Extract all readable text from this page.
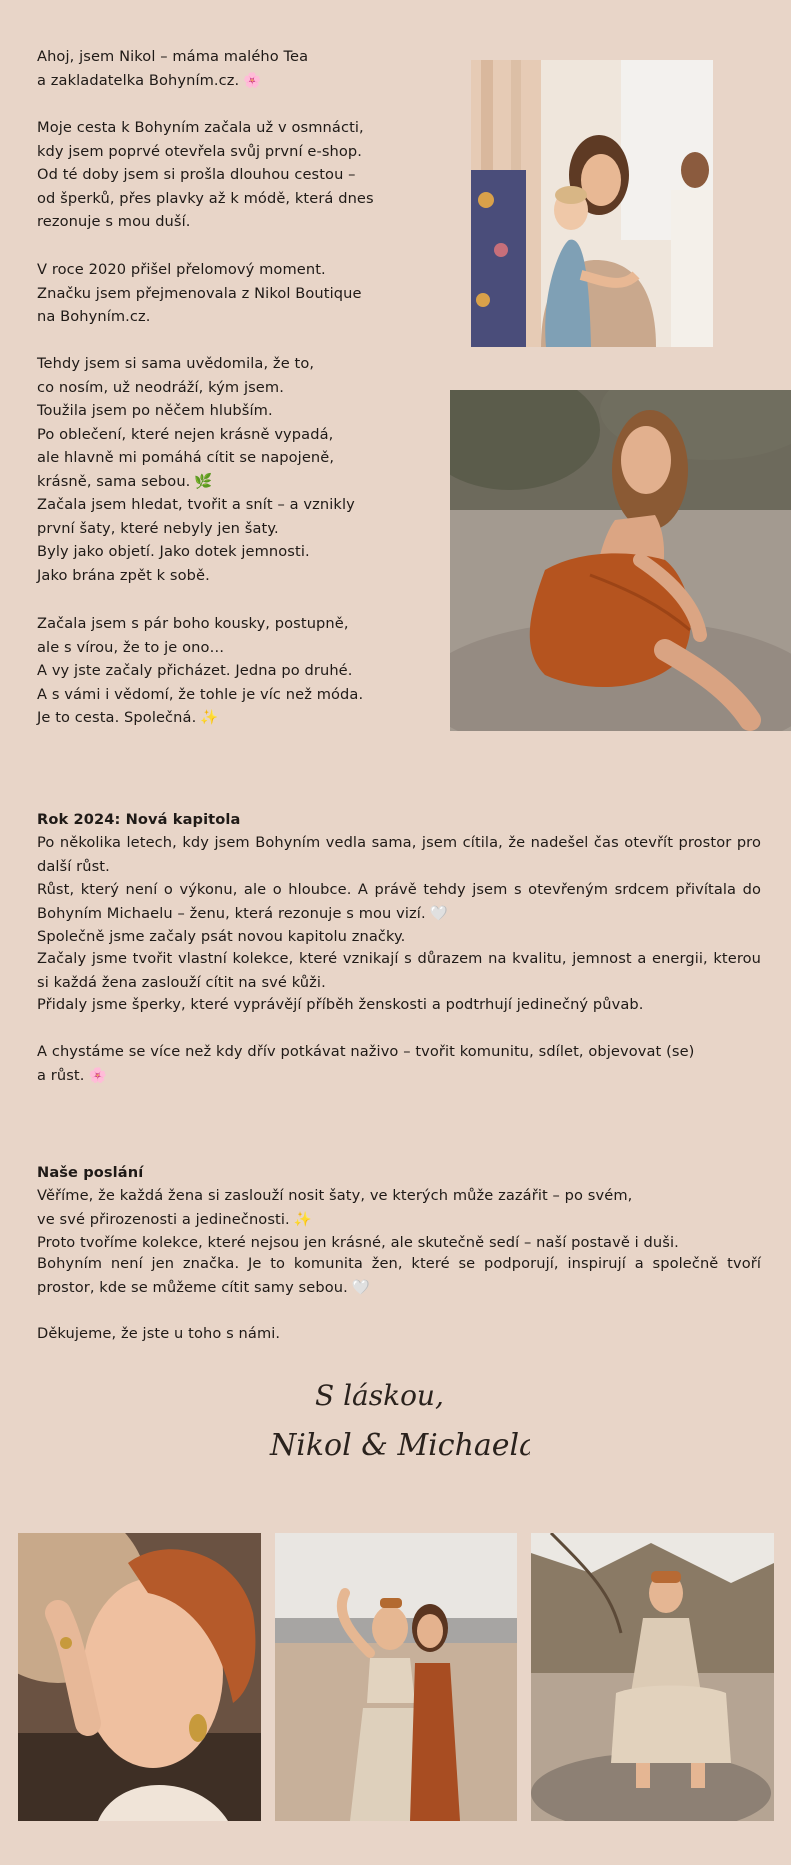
Ahoj, jsem Nikol – máma malého Tea
a zakladatelka Bohyním.cz. 🌸

Moje cesta k Bohyním začala už v osmnácti,
kdy jsem poprvé otevřela svůj první e-shop.
Od té doby jsem si prošla dlouhou cestou –
od šperků, přes plavky až k módě, která dnes
rezonuje s mou duší.

V roce 2020 přišel přelomový moment.
Značku jsem přejmenovala z Nikol Boutique
na Bohyním.cz.

Tehdy jsem si sama uvědomila, že to,
co nosím, už neodráží, kým jsem.
Toužila jsem po něčem hlubším.
Po oblečení, které nejen krásně vypadá,
ale hlavně mi pomáhá cítit se napojeně,
krásně, sama sebou. 🌿

Začala jsem hledat, tvořit a snít – a vznikly
první šaty, které nebyly jen šaty.
Byly jako objetí. Jako dotek jemnosti.
Jako brána zpět k sobě.

Začala jsem s pár boho kousky, postupně,
ale s vírou, že to je ono…
A vy jste začaly přicházet. Jedna po druhé.
A s vámi i vědomí, že tohle je víc než móda.
Je to cesta. Společná. ✨

Rok 2024: Nová kapitola
Po několika letech, kdy jsem Bohyním vedla sama, jsem cítila, že nadešel čas otevřít prostor pro další růst.
Růst, který není o výkonu, ale o hloubce. A právě tehdy jsem s otevřeným srdcem přivítala do Bohyním Michaelu – ženu, která rezonuje s mou vizí. 🤍
Společně jsme začaly psát novou kapitolu značky.

Začaly jsme tvořit vlastní kolekce, které vznikají s důrazem na kvalitu, jemnost a energii, kterou si každá žena zaslouží cítit na své kůži.

Přidaly jsme šperky, které vyprávějí příběh ženskosti a podtrhují jedinečný půvab.

A chystáme se více než kdy dřív potkávat naživo – tvořit komunitu, sdílet, objevovat (se)
a růst. 🌸

Naše poslání
Věříme, že každá žena si zaslouží nosit šaty, ve kterých může zazářit – po svém,
ve své přirozenosti a jedinečnosti. ✨
Proto tvoříme kolekce, které nejsou jen krásné, ale skutečně sedí – naší postavě i duši.

Bohyním není jen značka. Je to komunita žen, které se podporují, inspirují a společně tvoří prostor, kde se můžeme cítit samy sebou. 🤍

Děkujeme, že jste u toho s námi.

S láskou,
Nikol & Michaela
